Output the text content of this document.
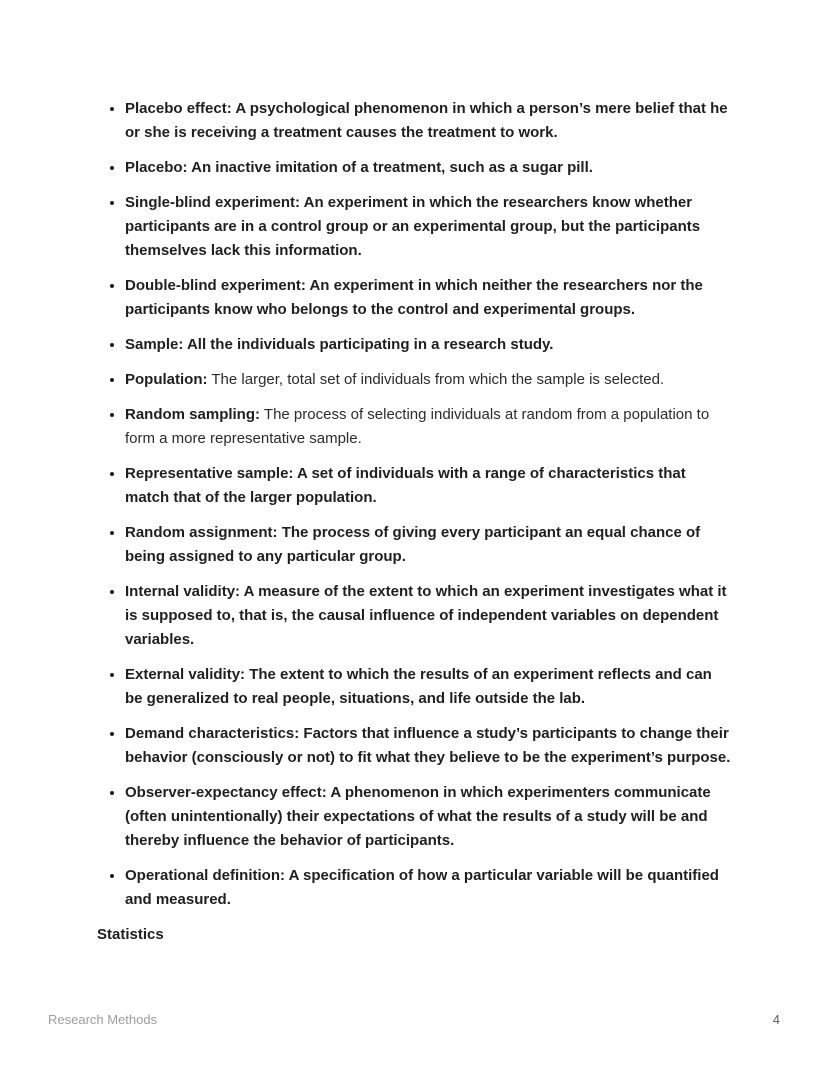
• Placebo effect: A psychological phenomenon in which a person’s mere belief that he or she is receiving a treatment causes the treatment to work.
• Placebo: An inactive imitation of a treatment, such as a sugar pill.
• Single-blind experiment: An experiment in which the researchers know whether participants are in a control group or an experimental group, but the participants themselves lack this information.
• Double-blind experiment: An experiment in which neither the researchers nor the participants know who belongs to the control and experimental groups.
• Sample: All the individuals participating in a research study.
• Population: The larger, total set of individuals from which the sample is selected.
• Random sampling: The process of selecting individuals at random from a population to form a more representative sample.
• Representative sample: A set of individuals with a range of characteristics that match that of the larger population.
• Random assignment: The process of giving every participant an equal chance of being assigned to any particular group.
• Internal validity: A measure of the extent to which an experiment investigates what it is supposed to, that is, the causal influence of independent variables on dependent variables.
• External validity: The extent to which the results of an experiment reflects and can be generalized to real people, situations, and life outside the lab.
• Demand characteristics: Factors that influence a study’s participants to change their behavior (consciously or not) to fit what they believe to be the experiment’s purpose.
• Observer-expectancy effect: A phenomenon in which experimenters communicate (often unintentionally) their expectations of what the results of a study will be and thereby influence the behavior of participants.
• Operational definition: A specification of how a particular variable will be quantified and measured.
Statistics
Research Methods	4
